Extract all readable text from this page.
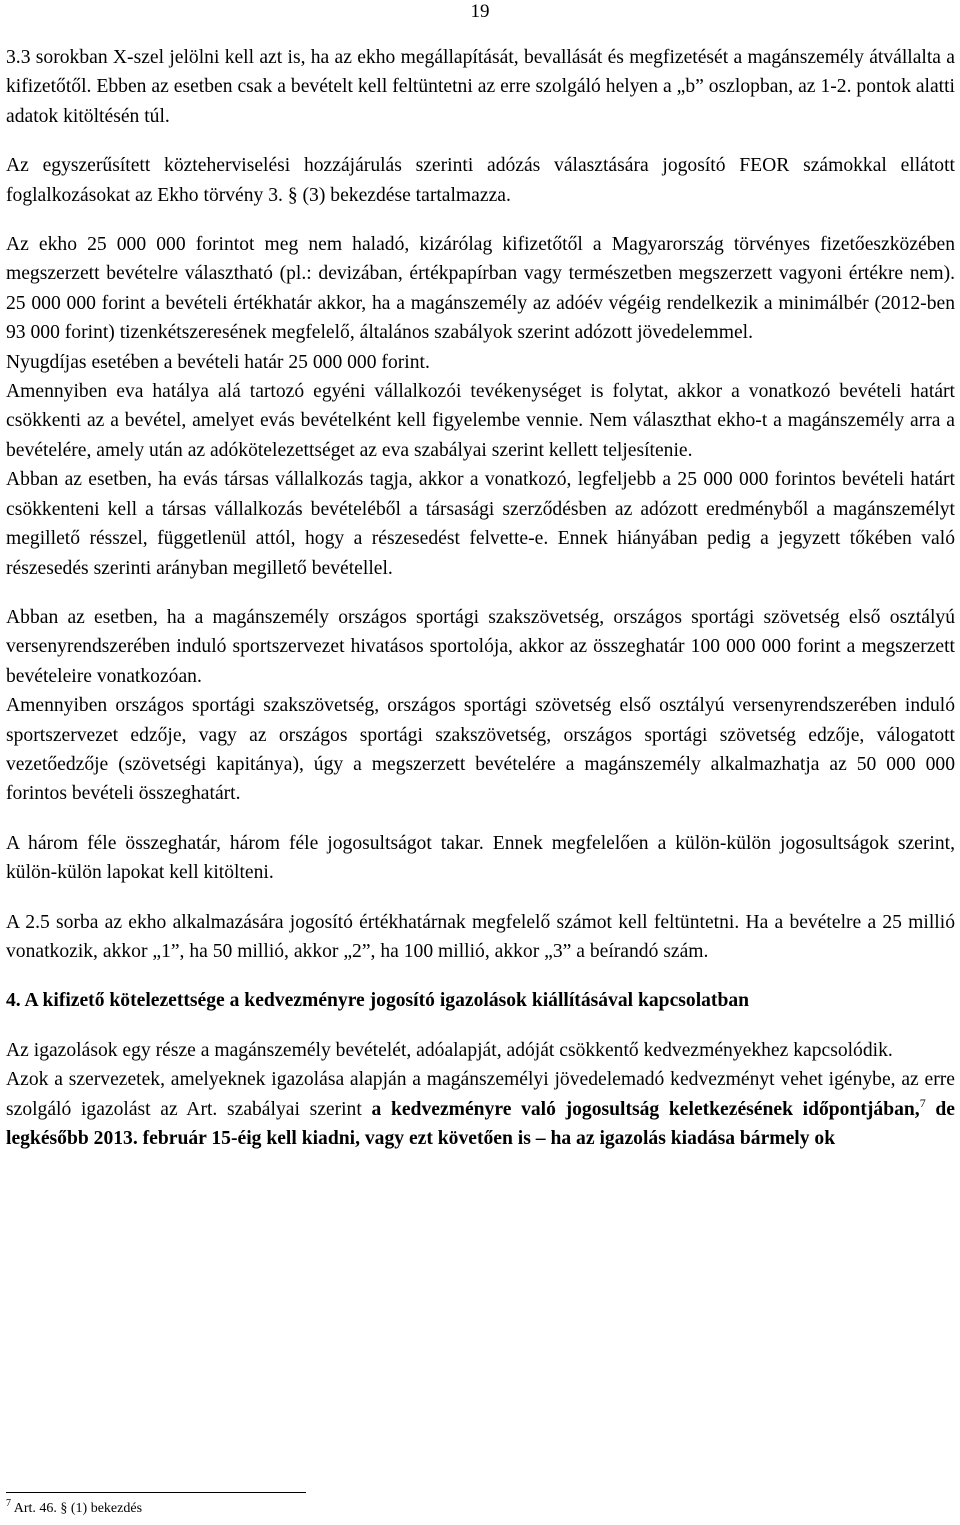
19

3.3 sorokban X-szel jelölni kell azt is, ha az ekho megállapítását, bevallását és megfizetését a magánszemély átvállalta a kifizetőtől. Ebben az esetben csak a bevételt kell feltüntetni az erre szolgáló helyen a „b” oszlopban, az 1-2. pontok alatti adatok kitöltésén túl.

Az egyszerűsített közteherviselési hozzájárulás szerinti adózás választására jogosító FEOR számokkal ellátott foglalkozásokat az Ekho törvény 3. § (3) bekezdése tartalmazza.

Az ekho 25 000 000 forintot meg nem haladó, kizárólag kifizetőtől a Magyarország törvényes fizetőeszközében megszerzett bevételre választható (pl.: devizában, értékpapírban vagy természetben megszerzett vagyoni értékre nem). 25 000 000 forint a bevételi értékhatár akkor, ha a magánszemély az adóév végéig rendelkezik a minimálbér (2012-ben 93 000 forint) tizenkétszeresének megfelelő, általános szabályok szerint adózott jövedelemmel.

Nyugdíjas esetében a bevételi határ 25 000 000 forint.

Amennyiben eva hatálya alá tartozó egyéni vállalkozói tevékenységet is folytat, akkor a vonatkozó bevételi határt csökkenti az a bevétel, amelyet evás bevételként kell figyelembe vennie. Nem választhat ekho-t a magánszemély arra a bevételére, amely után az adókötelezettséget az eva szabályai szerint kellett teljesítenie.

Abban az esetben, ha evás társas vállalkozás tagja, akkor a vonatkozó, legfeljebb a 25 000 000 forintos bevételi határt csökkenteni kell a társas vállalkozás bevételéből a társasági szerződésben az adózott eredményből a magánszemélyt megillető résszel, függetlenül attól, hogy a részesedést felvette-e. Ennek hiányában pedig a jegyzett tőkében való részesedés szerinti arányban megillető bevétellel.

Abban az esetben, ha a magánszemély országos sportági szakszövetség, országos sportági szövetség első osztályú versenyrendszerében induló sportszervezet hivatásos sportolója, akkor az összeghatár 100 000 000 forint a megszerzett bevételeire vonatkozóan.

Amennyiben országos sportági szakszövetség, országos sportági szövetség első osztályú versenyrendszerében induló sportszervezet edzője, vagy az országos sportági szakszövetség, országos sportági szövetség edzője, válogatott vezetőedzője (szövetségi kapitánya), úgy a megszerzett bevételére a magánszemély alkalmazhatja az 50 000 000 forintos bevételi összeghatárt.

A három féle összeghatár, három féle jogosultságot takar. Ennek megfelelően a külön-külön jogosultságok szerint, külön-külön lapokat kell kitölteni.

A 2.5 sorba az ekho alkalmazására jogosító értékhatárnak megfelelő számot kell feltüntetni. Ha a bevételre a 25 millió vonatkozik, akkor „1”, ha 50 millió, akkor „2”, ha 100 millió, akkor „3” a beírandó szám.

4. A kifizető kötelezettsége a kedvezményre jogosító igazolások kiállításával kapcsolatban

Az igazolások egy része a magánszemély bevételét, adóalapját, adóját csökkentő kedvezményekhez kapcsolódik.

Azok a szervezetek, amelyeknek igazolása alapján a magánszemélyi jövedelemadó kedvezményt vehet igénybe, az erre szolgáló igazolást az Art. szabályai szerint a kedvezményre való jogosultság keletkezésének időpontjában,$^7$ de legkésőbb 2013. február 15-éig kell kiadni, vagy ezt követően is – ha az igazolás kiadása bármely ok

$^7$ Art. 46. § (1) bekezdés
